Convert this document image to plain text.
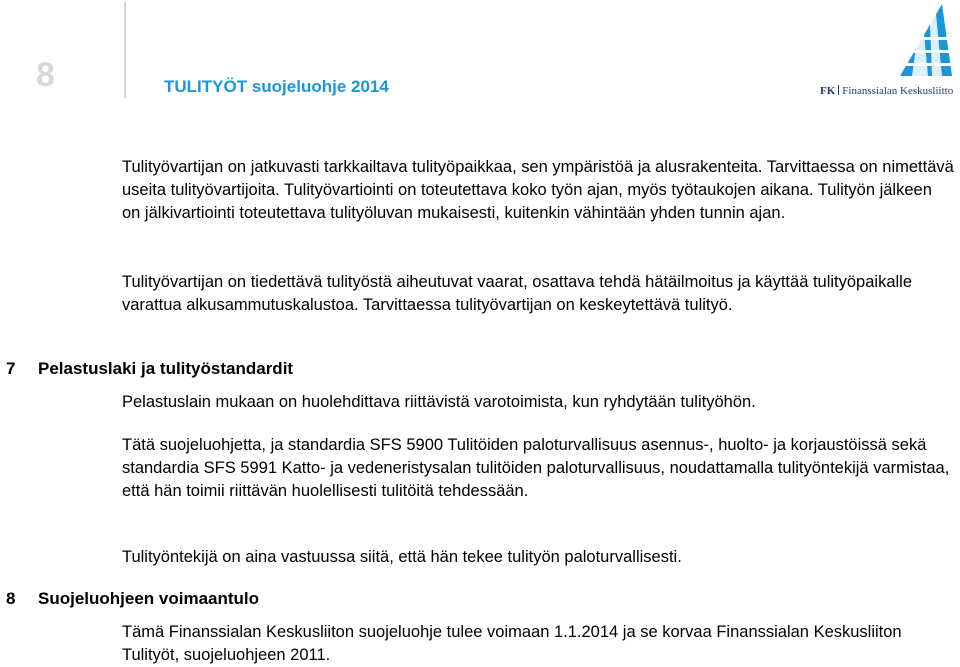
8	TULITYÖT suojeluohje 2014	FK Finanssialan Keskusliitto

Tulityövartijan on jatkuvasti tarkkailtava tulityöpaikkaa, sen ympäristöä ja alusrakenteita. Tarvittaessa on nimettävä useita tulityövartijoita. Tulityövartiointi on toteutettava koko työn ajan, myös työtaukojen aikana. Tulityön jälkeen on jälkivartiointi toteutettava tulityöluvan mukaisesti, kuitenkin vähintään yhden tunnin ajan.

Tulityövartijan on tiedettävä tulityöstä aiheutuvat vaarat, osattava tehdä hätäilmoitus ja käyttää tulityöpaikalle varattua alkusammutuskalustoa. Tarvittaessa tulityövartijan on keskeytettävä tulityö.

7 Pelastuslaki ja tulityöstandardit

Pelastuslain mukaan on huolehdittava riittävistä varotoimista, kun ryhdytään tulityöhön.

Tätä suojeluohjetta, ja standardia SFS 5900 Tulitöiden paloturvallisuus asennus-, huolto- ja korjaustöissä sekä standardia SFS 5991 Katto- ja vedeneristysalan tulitöiden paloturvallisuus, noudattamalla tulityöntekijä varmistaa, että hän toimii riittävän huolellisesti tulitöitä tehdessään.

Tulityöntekijä on aina vastuussa siitä, että hän tekee tulityön paloturvallisesti.

8 Suojeluohjeen voimaantulo

Tämä Finanssialan Keskusliiton suojeluohje tulee voimaan 1.1.2014 ja se korvaa Finanssialan Keskusliiton Tulityöt, suojeluohjeen 2011.
